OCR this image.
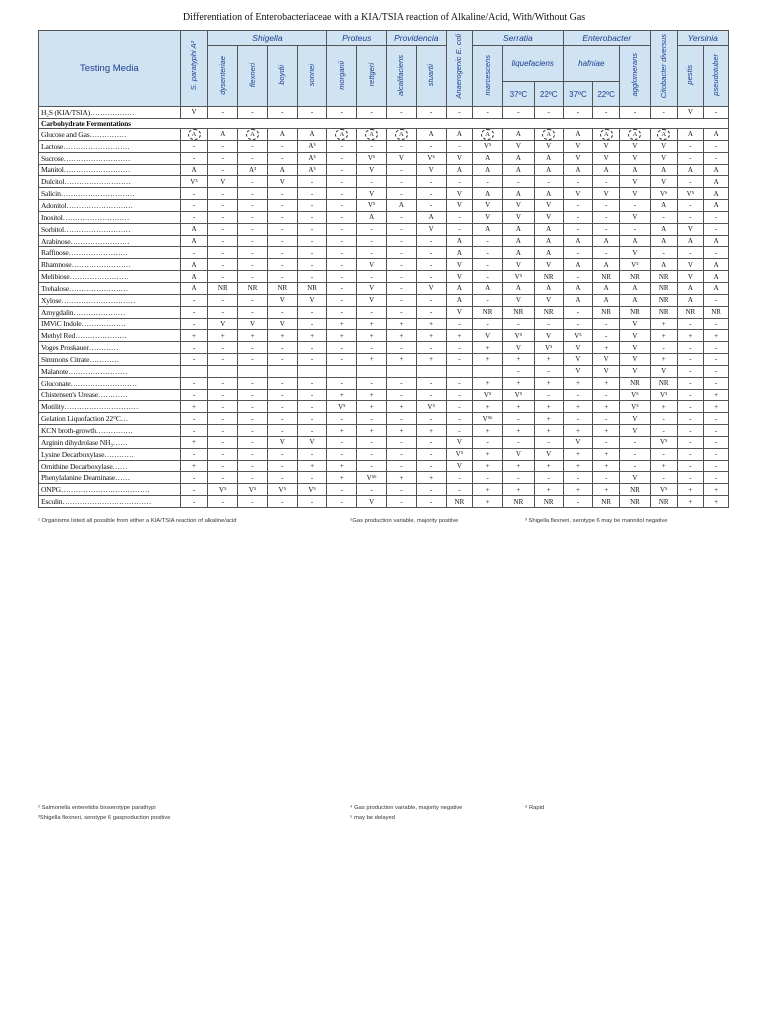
Differentiation of Enterobacteriaceae with a KIA/TSIA reaction of Alkaline/Acid, With/Without Gas
Testing Media	S. paratyphi A²	Shigella				Proteus		Providencia		Anaerogenic E. coli	Serratia			Enterobacter			Citobacter diversus	Yersinia	
		dysenteriae	flexneri	boydii	sonnei	morganii	rettgeri	alcalifaciens	stuartii		marcescens	liquefaciens		hafniae		agglomerans		pestis	pseudotuber
												37ºC	22ºC	37ºC	22ºC				
H₂S (KIA/TSIA)………………	V	-	-	-	-	-	-	-	-	-	-	-	-	-	-	-	-	V	-
Carbohydrate Fermentations																			
Glucose and Gas……………	A	A	A	A	A	A	A	A	A	A	A	A	A	A	A	A	A	A	A
Lactose………………………	-	-	-	-	A⁵	-	-	-	-	-	V⁵	V	V	V	V	V	V	-	-
Sucrose………………………	-	-	-	-	A⁵	-	V⁶	V	V⁶	V	A	A	A	V	V	V	V	-	-
Manitol………………………	A	-	A³	A	A⁵	-	V	-	V	A	A	A	A	A	A	A	A	A	A
Dulcitol………………………	V⁵	V	-	V	-	-	-	-	-	-	-	-	-	-	-	V	V	-	A
Salicin…………………………	-	-	-	-	-	-	V	-	-	V	A	A	A	V	V	V	V⁶	V⁵	A
Adonitol………………………	-	-	-	-	-	-	V⁵	A	-	V	V	V	V	-	-	-	A	-	A
Inositol………………………	-	-	-	-	-	-	A	-	A	-	V	V	V	-	-	V	-	-	-
Sorbitol………………………	A	-	-	-	-	-	-	-	V	-	A	A	A	-	-	-	A	V	-
Arabinose……………………	A	-	-	-	-	-	-	-	-	A	-	A	A	A	A	A	A	A	A
Raffinose……………………	-	-	-	-	-	-	-	-	-	A	-	A	A	-	-	V	-	-	-
Rhamnose……………………	A	-	-	-	-	-	V	-	-	V	-	V	V	A	A	V⁵	A	V	A
Melibiose……………………	A	-	-	-	-	-	-	-	-	V	-	V⁵	NR	-	NR	NR	NR	V	A
Trehalose……………………	A	NR	NR	NR	NR	-	V	-	V	A	A	A	A	A	A	A	NR	A	A
Xylose…………………………	-	-	-	V	V	-	V	-	-	A	-	V	V	A	A	A	NR	A	-
Amygdalin…………………	-	-	-	-	-	-	-	-	-	V	NR	NR	NR	-	NR	NR	NR	NR	NR
IMViC Indole………………	-	V	V	V	-	+	+	+	+	-	-	-	-	-	-	V	+	-	-
Methyl Red…………………	+	+	+	+	+	+	+	+	+	+	V	V⁵	V	V⁵	-	V	+	+	+
Voges Proskauer…………	-	-	-	-	-	-	-	-	-	-	+	V	V⁵	V	+	V	-	-	-
Simmons Citrate…………	-	-	-	-	-	-	+	+	+	-	+	+	+	V	V	V	+	-	-
Malanote……………………												-	-	V	V	V	V	-	-
Gluconate………………………	-	-	-	-	-	-	-	-	-	-	+	+	+	+	+	NR	NR	-	-
Chistensen's Urease…………	-	-	-	-	-	+	+	-	-	-	V⁵	V⁵	-	-	-	V⁵	V⁵	-	+
Motility…………………………	+	-	-	-	-	V⁵	+	+	V⁵	-	+	+	+	+	+	V⁵	+	-	+
Gelation Liquofaction 22°C…	-	-	-	-	-	-	-	-	-	-	V⁵⁶	-	+	-	-	V	-	-	-
KCN broth-growth……………	-	-	-	-	-	+	+	+	+	-	+	+	+	+	+	V	-	-	-
Arginin dihydrolase NH₃……	+	-	-	V	V	-	-	-	-	V	-	-	-	V	-	-	V⁵	-	-
Lysine Decarboxylase…………	-	-	-	-	-	-	-	-	-	V⁵	+	V	V	+	+	-	-	-	-
Ornithine Decarboxylase……	+	-	-	-	+	+	-	-	-	V	+	+	+	+	+	-	+	-	-
Phenylalanine Deaminase……	-	-	-	-	-	+	V⁵⁶	+	+	-	-	-	-	-	-	V	-	-	-
ONPG………………………………	-	V⁵	V⁵	V⁵	V⁵	-	-	-	-	-	+	+	+	+	+	NR	V⁵	+	+
Esculin………………………………	-	-	-	-	-	-	V	-	-	NR	+	NR	NR	-	NR	NR	NR	+	+
¹ Organisms listed all possible from either a KIA/TSIA reaction of alkaline/acid	⁵Gas production variable, majority positive	³ Shigella flexneri, serotype 6 may be mannitol negative
² Salmonella enteretidis bioserotype parathypi
³Shigella flexneri, serotype 6 gasproduction positive
⁴ Gas production variable, majority negative
⁵ may be delayed
⁶ Rapid
